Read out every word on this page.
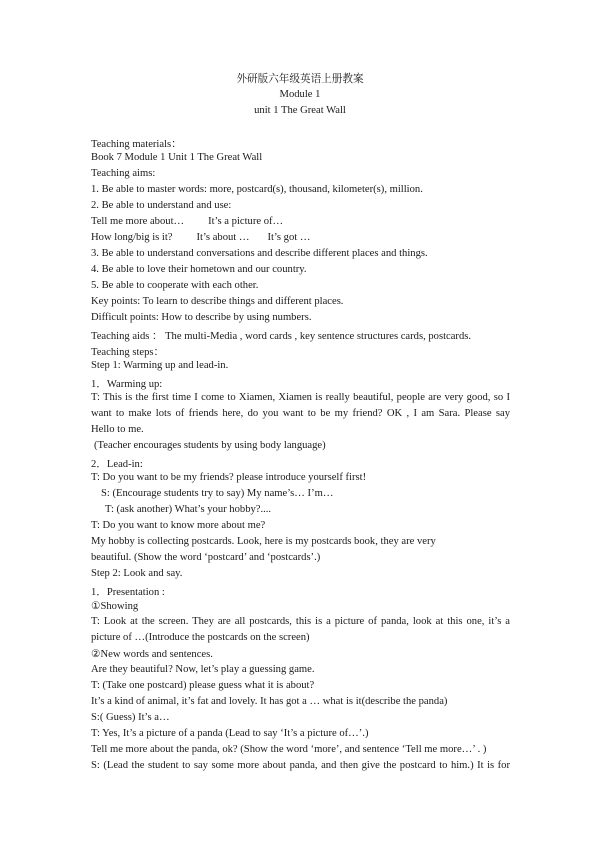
外研版六年级英语上册教案
Module 1
unit 1 The Great Wall
Teaching materials：
Book 7 Module 1 Unit 1 The Great Wall
Teaching aims:
1. Be able to master words: more, postcard(s), thousand, kilometer(s), million.
2. Be able to understand and use:
Tell me more about… It’s a picture of…
How long/big is it? It’s about … It’s got …
3. Be able to understand conversations and describe different places and things.
4. Be able to love their hometown and our country.
5. Be able to cooperate with each other.
Key points: To learn to describe things and different places.
Difficult points: How to describe by using numbers.
Teaching aids ： The multi-Media , word cards , key sentence structures cards, postcards.
Teaching steps：
Step 1: Warming up and lead-in.
1．Warming up:
T: This is the first time I come to Xiamen, Xiamen is really beautiful, people are very good, so I
want to make lots of friends here, do you want to be my friend? OK , I am Sara. Please say
Hello to me.
(Teacher encourages students by using body language)
2．Lead-in:
T: Do you want to be my friends? please introduce yourself first!
S: (Encourage students try to say) My name’s… I’m…
T: (ask another) What’s your hobby?....
T: Do you want to know more about me?
My hobby is collecting postcards. Look, here is my postcards book, they are very
beautiful. (Show the word ‘postcard’ and ‘postcards’.)
Step 2: Look and say.
1．Presentation :
①Showing
T: Look at the screen. They are all postcards, this is a picture of panda, look at this one, it’s a
picture of …(Introduce the postcards on the screen)
②New words and sentences.
Are they beautiful? Now, let’s play a guessing game.
T: (Take one postcard) please guess what it is about?
It’s a kind of animal, it’s fat and lovely. It has got a … what is it(describe the panda)
S:( Guess) It’s a…
T: Yes, It’s a picture of a panda (Lead to say ‘It’s a picture of…’.)
Tell me more about the panda, ok? (Show the word ‘more’, and sentence ‘Tell me more…’ . )
S: (Lead the student to say some more about panda, and then give the postcard to him.) It is for
